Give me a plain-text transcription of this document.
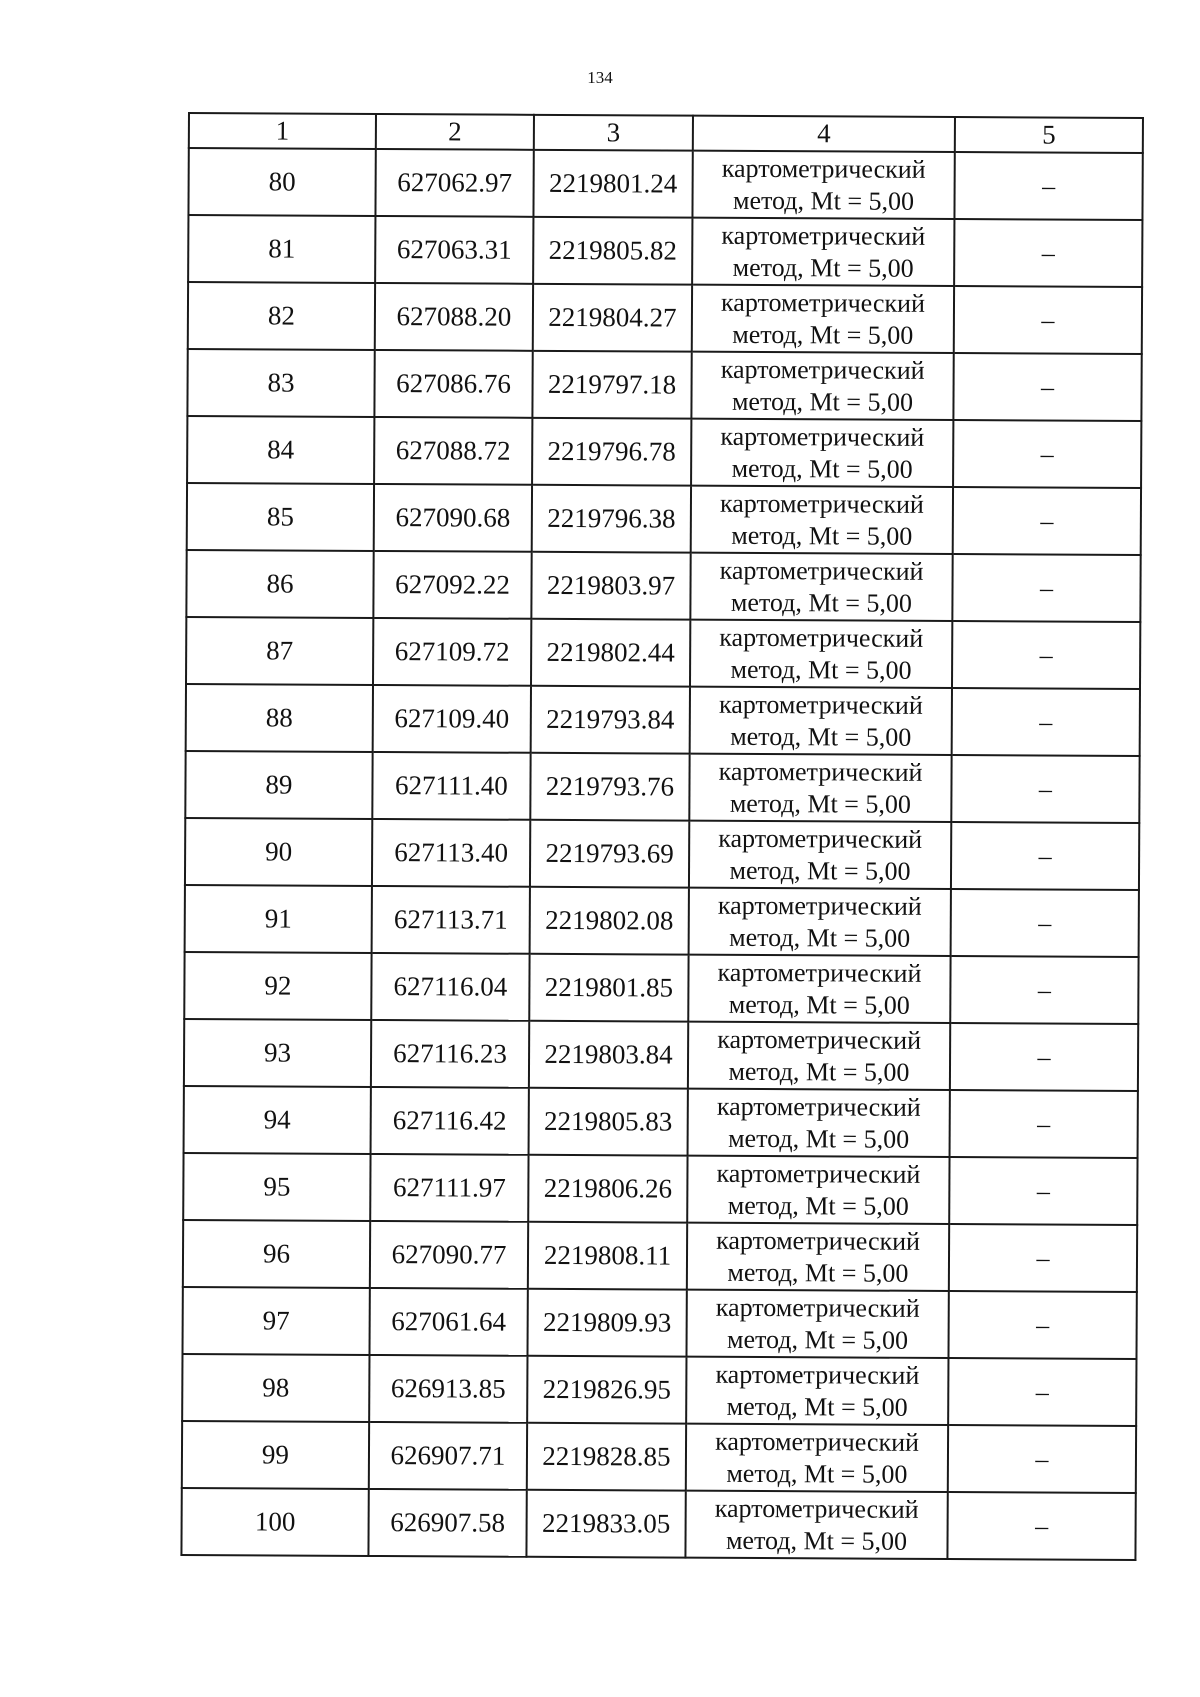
134
1	2	3	4	5
80	627062.97	2219801.24	картометрический
метод, Mt = 5,00	–
81	627063.31	2219805.82	картометрический
метод, Mt = 5,00	–
82	627088.20	2219804.27	картометрический
метод, Mt = 5,00	–
83	627086.76	2219797.18	картометрический
метод, Mt = 5,00	–
84	627088.72	2219796.78	картометрический
метод, Mt = 5,00	–
85	627090.68	2219796.38	картометрический
метод, Mt = 5,00	–
86	627092.22	2219803.97	картометрический
метод, Mt = 5,00	–
87	627109.72	2219802.44	картометрический
метод, Mt = 5,00	–
88	627109.40	2219793.84	картометрический
метод, Mt = 5,00	–
89	627111.40	2219793.76	картометрический
метод, Mt = 5,00	–
90	627113.40	2219793.69	картометрический
метод, Mt = 5,00	–
91	627113.71	2219802.08	картометрический
метод, Mt = 5,00	–
92	627116.04	2219801.85	картометрический
метод, Mt = 5,00	–
93	627116.23	2219803.84	картометрический
метод, Mt = 5,00	–
94	627116.42	2219805.83	картометрический
метод, Mt = 5,00	–
95	627111.97	2219806.26	картометрический
метод, Mt = 5,00	–
96	627090.77	2219808.11	картометрический
метод, Mt = 5,00	–
97	627061.64	2219809.93	картометрический
метод, Mt = 5,00	–
98	626913.85	2219826.95	картометрический
метод, Mt = 5,00	–
99	626907.71	2219828.85	картометрический
метод, Mt = 5,00	–
100	626907.58	2219833.05	картометрический
метод, Mt = 5,00	–
